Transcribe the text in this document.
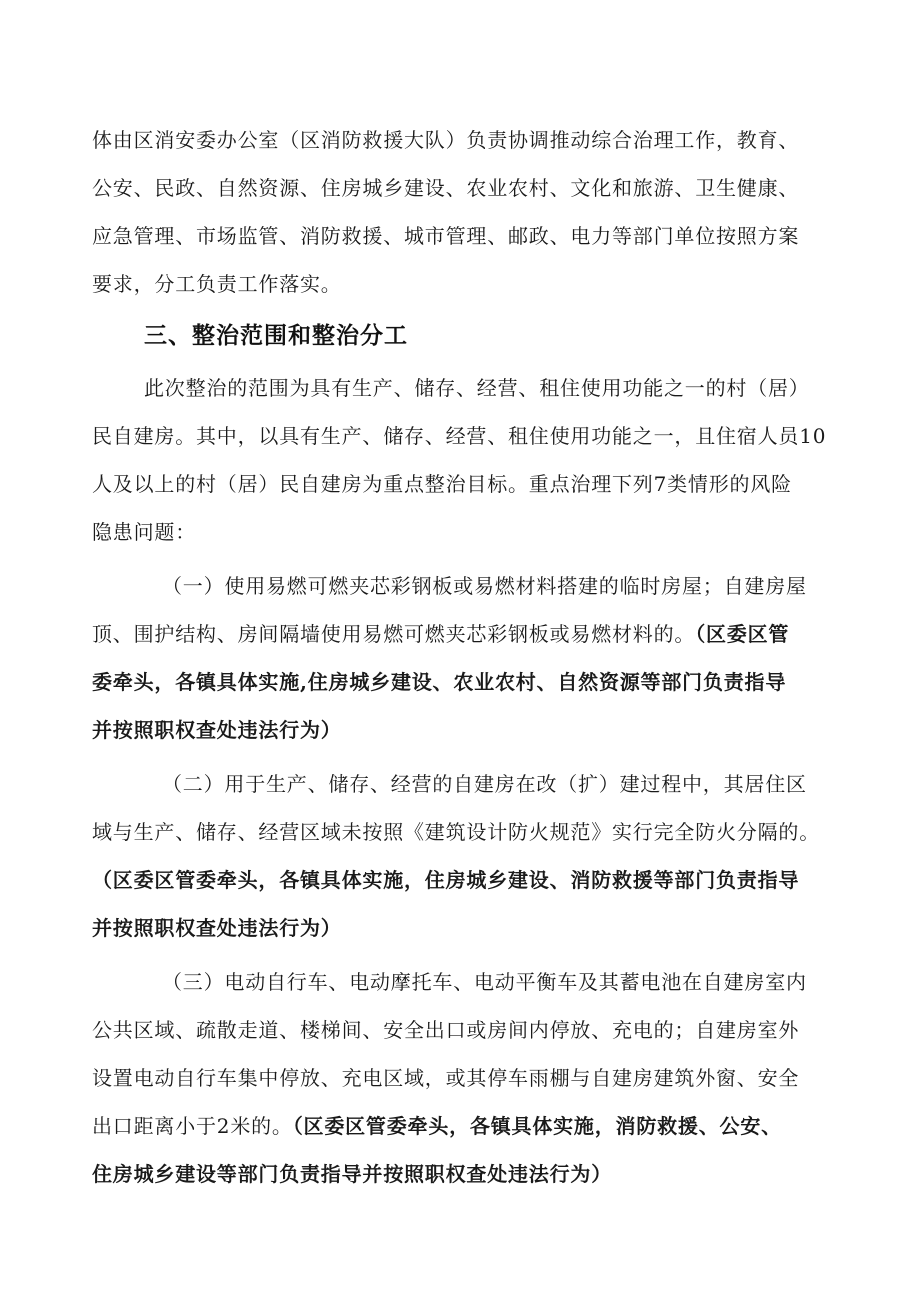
体由区消安委办公室（区消防救援大队）负责协调推动综合治理工作，教育、
公安、民政、自然资源、住房城乡建设、农业农村、文化和旅游、卫生健康、
应急管理、市场监管、消防救援、城市管理、邮政、电力等部门单位按照方案
要求，分工负责工作落实。
三、整治范围和整治分工
此次整治的范围为具有生产、储存、经营、租住使用功能之一的村（居）
民自建房。其中，以具有生产、储存、经营、租住使用功能之一，且住宿人员10
人及以上的村（居）民自建房为重点整治目标。重点治理下列7类情形的风险
隐患问题：
（一）使用易燃可燃夹芯彩钢板或易燃材料搭建的临时房屋；自建房屋
顶、围护结构、房间隔墙使用易燃可燃夹芯彩钢板或易燃材料的。（区委区管
委牵头，各镇具体实施,住房城乡建设、农业农村、自然资源等部门负责指导
并按照职权查处违法行为）
（二）用于生产、储存、经营的自建房在改（扩）建过程中，其居住区
域与生产、储存、经营区域未按照《建筑设计防火规范》实行完全防火分隔的。
（区委区管委牵头，各镇具体实施，住房城乡建设、消防救援等部门负责指导
并按照职权查处违法行为）
（三）电动自行车、电动摩托车、电动平衡车及其蓄电池在自建房室内
公共区域、疏散走道、楼梯间、安全出口或房间内停放、充电的；自建房室外
设置电动自行车集中停放、充电区域，或其停车雨棚与自建房建筑外窗、安全
出口距离小于2米的。（区委区管委牵头，各镇具体实施，消防救援、公安、
住房城乡建设等部门负责指导并按照职权查处违法行为）
